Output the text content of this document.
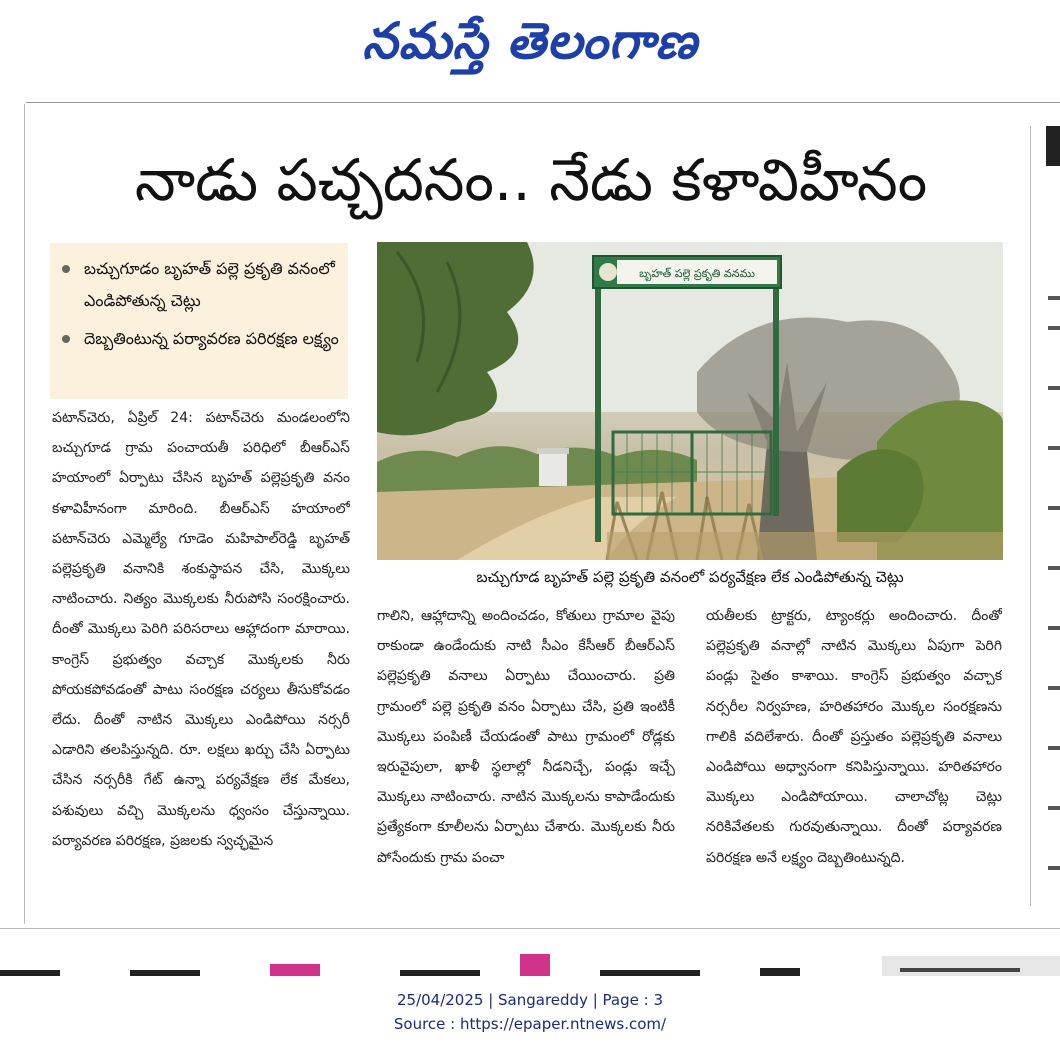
నమస్తే తెలంగాణ
నాడు పచ్చదనం.. నేడు కళావిహీనం
బచ్చుగూడం బృహత్ పల్లె ప్రకృతి వనంలో ఎండిపోతున్న చెట్లు
దెబ్బతింటున్న పర్యావరణ పరిరక్షణ లక్ష్యం
బృహత్ పల్లె ప్రకృతి వనము
బచ్చుగూడ బృహత్ పల్లె ప్రకృతి వనంలో పర్యవేక్షణ లేక ఎండిపోతున్న చెట్లు

పటాన్‌చెరు, ఏప్రిల్ 24: పటాన్‌చెరు మండలంలోని బచ్చుగూడ గ్రామ పంచాయతీ పరిధిలో బీఆర్‌ఎస్ హయాంలో ఏర్పాటు చేసిన బృహత్ పల్లెప్రకృతి వనం కళావిహీనంగా మారింది. బీఆర్‌ఎస్ హయాంలో పటాన్‌చెరు ఎమ్మెల్యే గూడెం మహిపాల్‌రెడ్డి బృహత్ పల్లెప్రకృతి వనానికి శంకుస్థాపన చేసి, మొక్కలు నాటించారు. నిత్యం మొక్కలకు నీరుపోసి సంరక్షించారు. దీంతో మొక్కలు పెరిగి పరిసరాలు ఆహ్లాదంగా మారాయి. కాంగ్రెస్ ప్రభుత్వం వచ్చాక మొక్కలకు నీరు పోయకపోవడంతో పాటు సంరక్షణ చర్యలు తీసుకోవడం లేదు. దీంతో నాటిన మొక్కలు ఎండిపోయి నర్సరీ ఎడారిని తలపిస్తున్నది. రూ. లక్షలు ఖర్చు చేసి ఏర్పాటు చేసిన నర్సరీకి గేట్ ఉన్నా పర్యవేక్షణ లేక మేకలు, పశువులు వచ్చి మొక్కలను ధ్వంసం చేస్తున్నాయి. పర్యావరణ పరిరక్షణ, ప్రజలకు స్వచ్ఛమైన

గాలిని, ఆహ్లాదాన్ని అందించడం, కోతులు గ్రామాల వైపు రాకుండా ఉండేందుకు నాటి సీఎం కేసీఆర్ బీఆర్‌ఎస్ పల్లెప్రకృతి వనాలు ఏర్పాటు చేయించారు. ప్రతి గ్రామంలో పల్లె ప్రకృతి వనం ఏర్పాటు చేసి, ప్రతి ఇంటికీ మొక్కలు పంపిణీ చేయడంతో పాటు గ్రామంలో రోడ్లకు ఇరువైపులా, ఖాళీ స్థలాల్లో నీడనిచ్చే, పండ్లు ఇచ్చే మొక్కలు నాటించారు. నాటిన మొక్కలను కాపాడేందుకు ప్రత్యేకంగా కూలీలను ఏర్పాటు చేశారు. మొక్కలకు నీరు పోసేందుకు గ్రామ పంచా

యతీలకు ట్రాక్టరు, ట్యాంకర్లు అందించారు. దీంతో పల్లెప్రకృతి వనాల్లో నాటిన మొక్కలు ఏపుగా పెరిగి పండ్లు సైతం కాశాయి. కాంగ్రెస్ ప్రభుత్వం వచ్చాక నర్సరీల నిర్వహణ, హరితహారం మొక్కల సంరక్షణను గాలికి వదిలేశారు. దీంతో ప్రస్తుతం పల్లెప్రకృతి వనాలు ఎండిపోయి అధ్వానంగా కనిపిస్తున్నాయి. హరితహారం మొక్కలు ఎండిపోయాయి. చాలాచోట్ల చెట్లు నరికివేతలకు గురవుతున్నాయి. దీంతో పర్యావరణ పరిరక్షణ అనే లక్ష్యం దెబ్బతింటున్నది.

25/04/2025 | Sangareddy | Page : 3
Source : https://epaper.ntnews.com/
